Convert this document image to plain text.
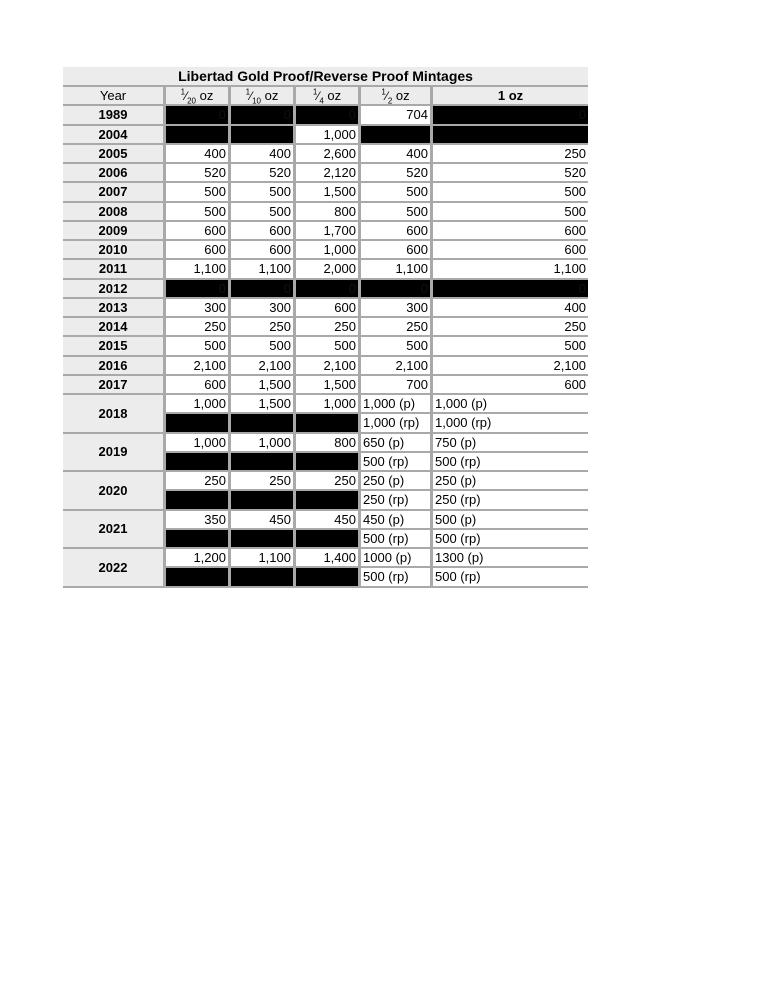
Libertad Gold Proof/Reverse Proof Mintages					
Year	$^1⁄_{20}$ oz	$^1⁄_{10}$ oz	$^1⁄_4$ oz	$^1⁄_2$ oz	1 oz
1989	0	0	0	704	0
2004			1,000		
2005	400	400	2,600	400	250
2006	520	520	2,120	520	520
2007	500	500	1,500	500	500
2008	500	500	800	500	500
2009	600	600	1,700	600	600
2010	600	600	1,000	600	600
2011	1,100	1,100	2,000	1,100	1,100
2012	0	0	0	0	0
2013	300	300	600	300	400
2014	250	250	250	250	250
2015	500	500	500	500	500
2016	2,100	2,100	2,100	2,100	2,100
2017	600	1,500	1,500	700	600
2018	1,000	1,500	1,000	1,000 (p)	1,000 (p)
				1,000 (rp)	1,000 (rp)
2019	1,000	1,000	800	650 (p)	750 (p)
				500 (rp)	500 (rp)
2020	250	250	250	250 (p)	250 (p)
				250 (rp)	250 (rp)
2021	350	450	450	450 (p)	500 (p)
				500 (rp)	500 (rp)
2022	1,200	1,100	1,400	1000 (p)	1300 (p)
				500 (rp)	500 (rp)
